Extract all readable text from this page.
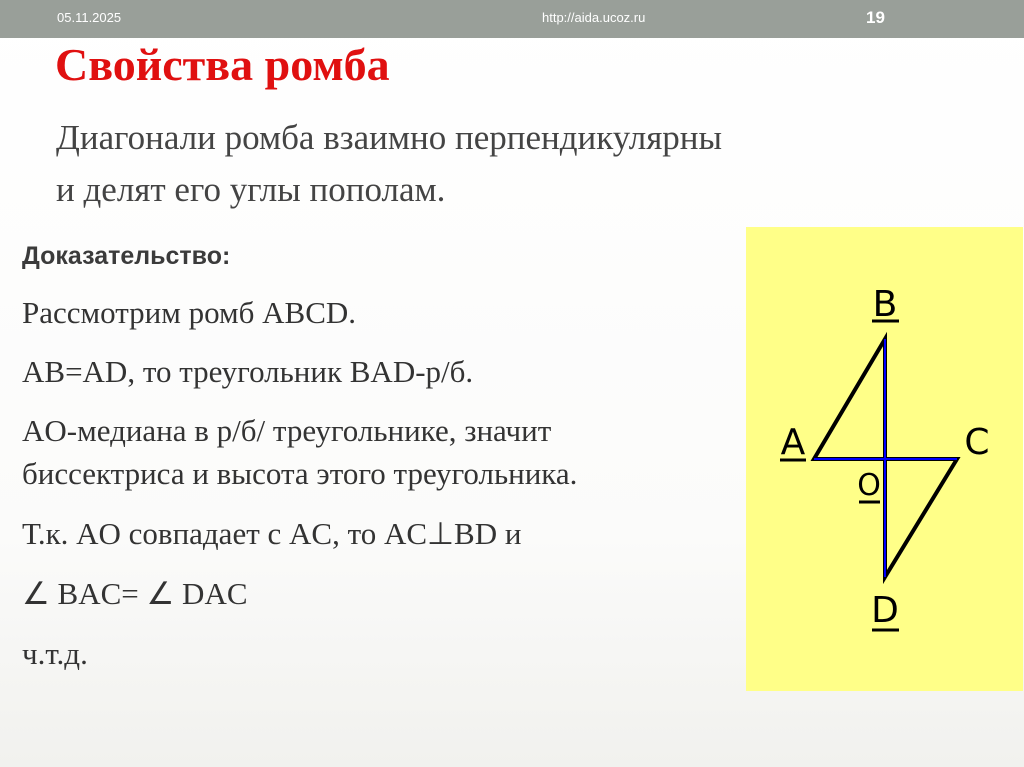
05.11.2025	http://aida.ucoz.ru	19
Свойства ромба
Диагонали ромба взаимно перпендикулярны
и делят его углы пополам.
Доказательство:
Рассмотрим ромб ABCD.
AB=AD, то треугольник BAD-р/б.
AO-медиана в р/б/ треугольнике, значит
биссектриса и высота этого треугольника.
Т.к. AO совпадает с AC, то AC⊥BD и
∠ BAC= ∠ DAC
ч.т.д.
B
A	C
D
O
